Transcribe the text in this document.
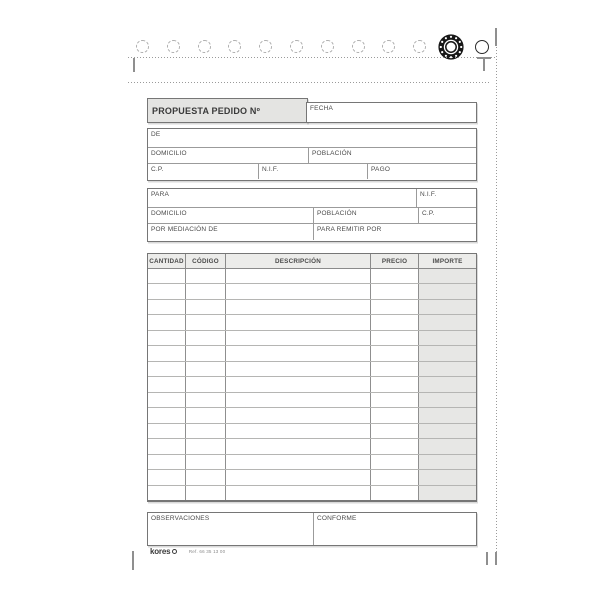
PROPUESTA PEDIDO Nº	FECHA
DE
DOMICILIO	POBLACIÓN
C.P.	N.I.F.	PAGO
PARA	N.I.F.
DOMICILIO	POBLACIÓN	C.P.
POR MEDIACIÓN DE	PARA REMITIR POR
CANTIDAD	CÓDIGO	DESCRIPCIÓN	PRECIO	IMPORTE
OBSERVACIONES	CONFORME
kores	Ref. 66 35 13 00
